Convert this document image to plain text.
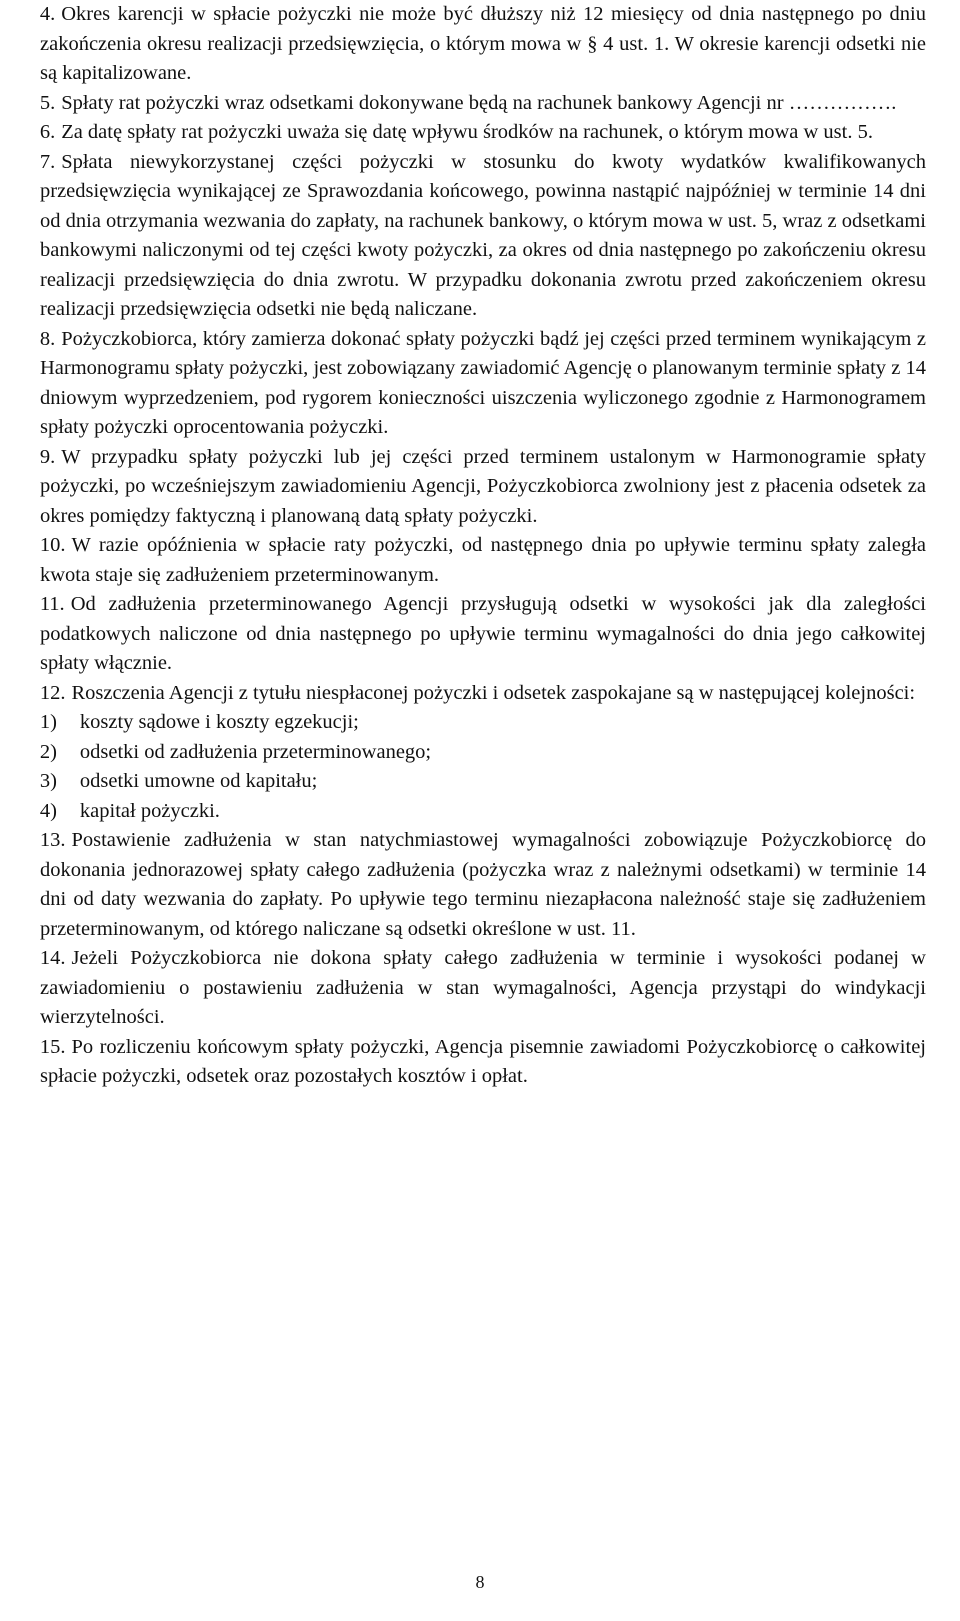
4. Okres karencji w spłacie pożyczki nie może być dłuższy niż 12 miesięcy od dnia następnego po dniu zakończenia okresu realizacji przedsięwzięcia, o którym mowa w § 4 ust. 1. W okresie karencji odsetki nie są kapitalizowane.
5. Spłaty rat pożyczki wraz odsetkami dokonywane będą na rachunek bankowy Agencji nr …………….
6. Za datę spłaty rat pożyczki uważa się datę wpływu środków na rachunek, o którym mowa w ust. 5.
7. Spłata niewykorzystanej części pożyczki w stosunku do kwoty wydatków kwalifikowanych przedsięwzięcia wynikającej ze Sprawozdania końcowego, powinna nastąpić najpóźniej w terminie 14 dni od dnia otrzymania wezwania do zapłaty, na rachunek bankowy, o którym mowa w ust. 5, wraz z odsetkami bankowymi naliczonymi od tej części kwoty pożyczki, za okres od dnia następnego po zakończeniu okresu realizacji przedsięwzięcia do dnia zwrotu. W przypadku dokonania zwrotu przed zakończeniem okresu realizacji przedsięwzięcia odsetki nie będą naliczane.
8. Pożyczkobiorca, który zamierza dokonać spłaty pożyczki bądź jej części przed terminem wynikającym z Harmonogramu spłaty pożyczki, jest zobowiązany zawiadomić Agencję o planowanym terminie spłaty z 14 dniowym wyprzedzeniem, pod rygorem konieczności uiszczenia wyliczonego zgodnie z Harmonogramem spłaty pożyczki oprocentowania pożyczki.
9. W przypadku spłaty pożyczki lub jej części przed terminem ustalonym w Harmonogramie spłaty pożyczki, po wcześniejszym zawiadomieniu Agencji, Pożyczkobiorca zwolniony jest z płacenia odsetek za okres pomiędzy faktyczną i planowaną datą spłaty pożyczki.
10. W razie opóźnienia w spłacie raty pożyczki, od następnego dnia po upływie terminu spłaty zaległa kwota staje się zadłużeniem przeterminowanym.
11. Od zadłużenia przeterminowanego Agencji przysługują odsetki w wysokości jak dla zaległości podatkowych naliczone od dnia następnego po upływie terminu wymagalności do dnia jego całkowitej spłaty włącznie.
12. Roszczenia Agencji z tytułu niespłaconej pożyczki i odsetek zaspokajane są w następującej kolejności:
1) koszty sądowe i koszty egzekucji;
2) odsetki od zadłużenia przeterminowanego;
3) odsetki umowne od kapitału;
4) kapitał pożyczki.
13. Postawienie zadłużenia w stan natychmiastowej wymagalności zobowiązuje Pożyczkobiorcę do dokonania jednorazowej spłaty całego zadłużenia (pożyczka wraz z należnymi odsetkami) w terminie 14 dni od daty wezwania do zapłaty. Po upływie tego terminu niezapłacona należność staje się zadłużeniem przeterminowanym, od którego naliczane są odsetki określone w ust. 11.
14. Jeżeli Pożyczkobiorca nie dokona spłaty całego zadłużenia w terminie i wysokości podanej w zawiadomieniu o postawieniu zadłużenia w stan wymagalności, Agencja przystąpi do windykacji wierzytelności.
15. Po rozliczeniu końcowym spłaty pożyczki, Agencja pisemnie zawiadomi Pożyczkobiorcę o całkowitej spłacie pożyczki, odsetek oraz pozostałych kosztów i opłat.
8
